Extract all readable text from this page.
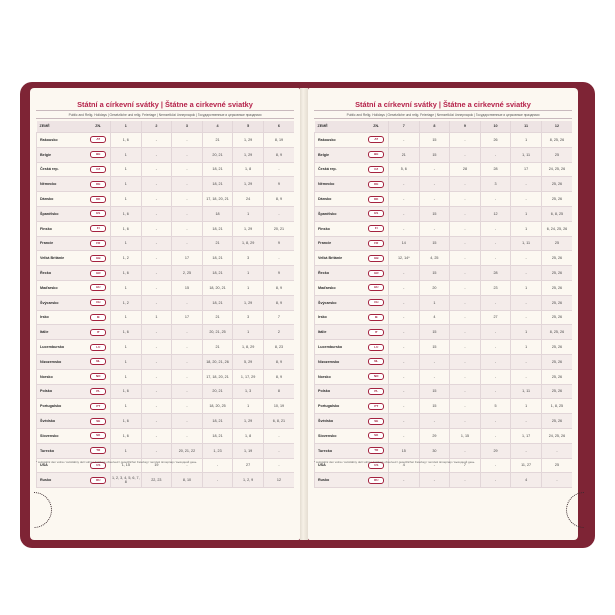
Státní a církevní svátky | Štátne a cirkevné sviatky
Public and Relig. Holidays | Gesetzliche und relig. Feiertage | Nemzetközi ünnepnapok | Государственные и церковные праздники
ZEMĚ	ZN.	1	2	3	4	5	6
Rakousko	AT	1, 6	-	-	21	1, 29	8, 19
Belgie	BE	1	-	-	20, 21	1, 29	8, 9
Česká rep.	CZ	1	-	-	18, 21	1, 8	-
Německo	DE	1	-	-	18, 21	1, 29	9
Dánsko	DK	1	-	-	17, 18, 20, 21	24	8, 9
Španělsko	ES	1, 6	-	-	18	1	-
Finsko	FI	1, 6	-	-	18, 21	1, 29	20, 21
Francie	FR	1	-	-	21	1, 8, 29	9
Velká Británie	GB	1, 2	-	17	18, 21	3	-
Řecko	GR	1, 6	-	2, 25	18, 21	1	9
Maďarsko	HU	1	-	15	18, 20, 21	1	8, 9
Švýcarsko	CH	1, 2	-	-	18, 21	1, 29	8, 9
Irsko	IE	1	1	17	21	3	7
Itálie	IT	1, 6	-	-	20, 21, 25	1	2
Lucembursko	LU	1	-	-	21	1, 8, 29	8, 23
Nizozemsko	NL	1	-	-	18, 20, 21, 26	5, 29	8, 9
Norsko	NO	1	-	-	17, 18, 20, 21	1, 17, 29	8, 9
Polsko	PL	1, 6	-	-	20, 21	1, 3	8
Portugalsko	PT	1	-	-	18, 20, 25	1	10, 19
Švédsko	SE	1, 6	-	-	18, 21	1, 29	6, 8, 21
Slovensko	SK	1, 6	-	-	18, 21	1, 8	-
Turecko	TR	1	-	20, 21, 22	1, 23	1, 19	-
USA	US	1, 15	19	-	-	27	-
Rusko	RU	1, 2, 3, 4, 5, 6, 7, 8	22, 23	8, 10	-	1, 2, 9	12
* celostátní den volna / celoštátny deň voľna / holidays observed / gesetzlicher Feiertag / nemzeti ünnepnap / выходной день
Státní a církevní svátky | Štátne a cirkevné sviatky
Public and Relig. Holidays | Gesetzliche und relig. Feiertage | Nemzetközi ünnepnapok | Государственные и церковные праздники
ZEMĚ	ZN.	7	8	9	10	11	12
Rakousko	AT	-	15	-	26	1	8, 25, 26
Belgie	BE	21	15	-	-	1, 11	25
Česká rep.	CZ	5, 6	-	28	28	17	24, 25, 26
Německo	DE	-	-	-	3	-	25, 26
Dánsko	DK	-	-	-	-	-	25, 26
Španělsko	ES	-	15	-	12	1	6, 8, 25
Finsko	FI	-	-	-	-	1	6, 24, 25, 26
Francie	FR	14	15	-	-	1, 11	25
Velká Británie	GB	12, 14*	4, 25	-	-	-	25, 26
Řecko	GR	-	15	-	28	-	25, 26
Maďarsko	HU	-	20	-	23	1	25, 26
Švýcarsko	CH	-	1	-	-	-	25, 26
Irsko	IE	-	4	-	27	-	25, 26
Itálie	IT	-	15	-	-	1	8, 25, 26
Lucembursko	LU	-	15	-	-	1	25, 26
Nizozemsko	NL	-	-	-	-	-	25, 26
Norsko	NO	-	-	-	-	-	25, 26
Polsko	PL	-	15	-	-	1, 11	25, 26
Portugalsko	PT	-	15	-	5	1	1, 8, 25
Švédsko	SE	-	-	-	-	-	25, 26
Slovensko	SK	-	29	1, 15	-	1, 17	24, 25, 26
Turecko	TR	15	30	-	29	-	-
USA	US	4	-	7	-	11, 27	25
Rusko	RU	-	-	-	-	4	-
* celostátní den volna / celoštátny deň voľna / holidays observed / gesetzlicher Feiertag / nemzeti ünnepnap / выходной день
